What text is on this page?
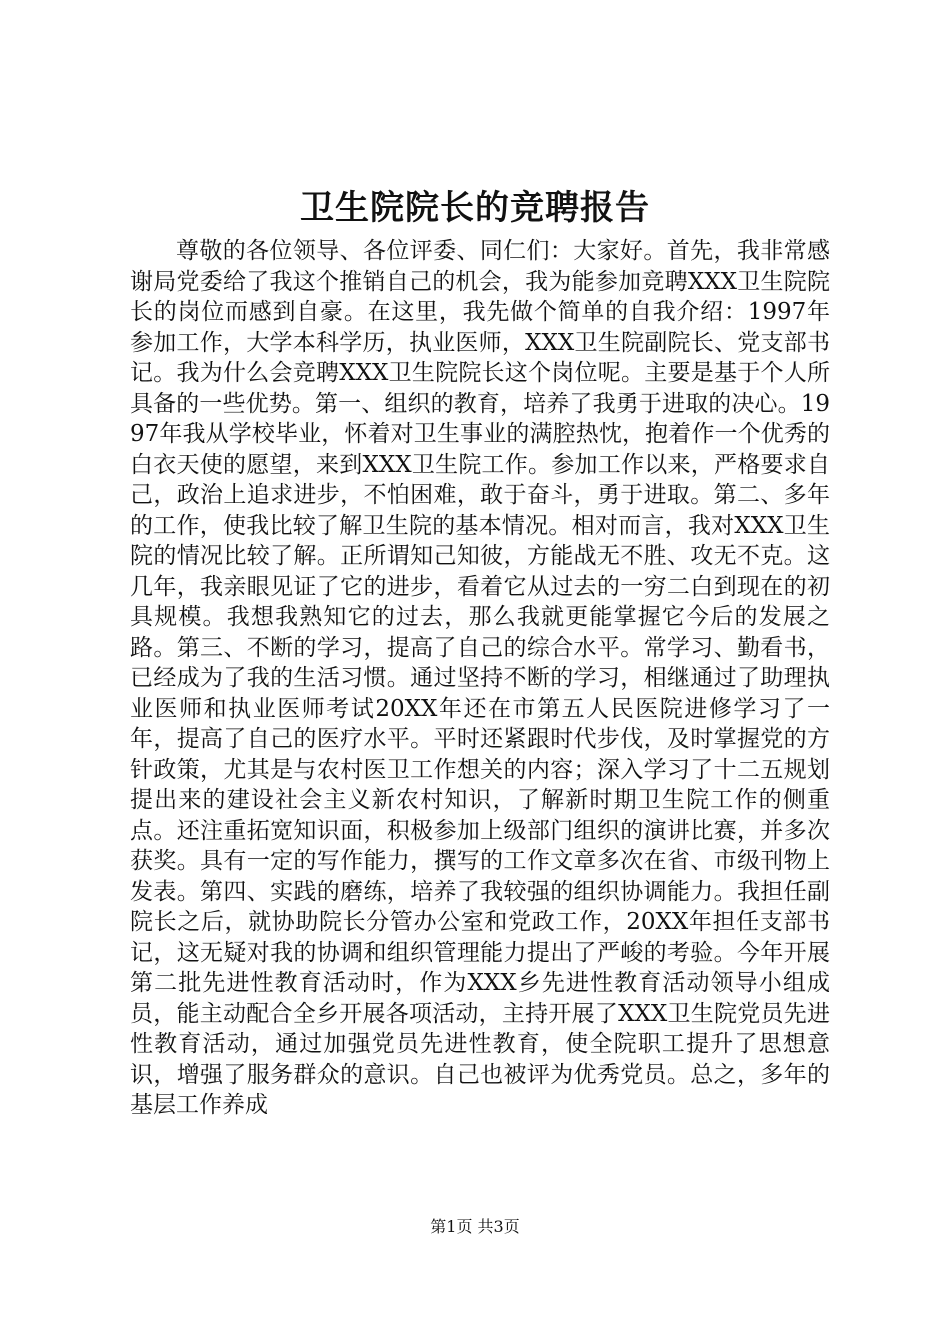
卫生院院长的竞聘报告
尊敬的各位领导、各位评委、同仁们：大家好。首先，我非常感谢局党委给了我这个推销自己的机会，我为能参加竞聘XXX卫生院院长的岗位而感到自豪。在这里，我先做个简单的自我介绍：1997年参加工作，大学本科学历，执业医师，XXX卫生院副院长、党支部书记。我为什么会竞聘XXX卫生院院长这个岗位呢。主要是基于个人所具备的一些优势。第一、组织的教育，培养了我勇于进取的决心。1997年我从学校毕业，怀着对卫生事业的满腔热忱，抱着作一个优秀的白衣天使的愿望，来到XXX卫生院工作。参加工作以来，严格要求自己，政治上追求进步，不怕困难，敢于奋斗，勇于进取。第二、多年的工作，使我比较了解卫生院的基本情况。相对而言，我对XXX卫生院的情况比较了解。正所谓知己知彼，方能战无不胜、攻无不克。这几年，我亲眼见证了它的进步，看着它从过去的一穷二白到现在的初具规模。我想我熟知它的过去，那么我就更能掌握它今后的发展之路。第三、不断的学习，提高了自己的综合水平。常学习、勤看书，已经成为了我的生活习惯。通过坚持不断的学习，相继通过了助理执业医师和执业医师考试20XX年还在市第五人民医院进修学习了一年，提高了自己的医疗水平。平时还紧跟时代步伐，及时掌握党的方针政策，尤其是与农村医卫工作想关的内容；深入学习了十二五规划提出来的建设社会主义新农村知识，了解新时期卫生院工作的侧重点。还注重拓宽知识面，积极参加上级部门组织的演讲比赛，并多次获奖。具有一定的写作能力，撰写的工作文章多次在省、市级刊物上发表。第四、实践的磨练，培养了我较强的组织协调能力。我担任副院长之后，就协助院长分管办公室和党政工作，20XX年担任支部书记，这无疑对我的协调和组织管理能力提出了严峻的考验。今年开展第二批先进性教育活动时，作为XXX乡先进性教育活动领导小组成员，能主动配合全乡开展各项活动，主持开展了XXX卫生院党员先进性教育活动，通过加强党员先进性教育，使全院职工提升了思想意识，增强了服务群众的意识。自己也被评为优秀党员。总之，多年的基层工作养成
第1页 共3页
